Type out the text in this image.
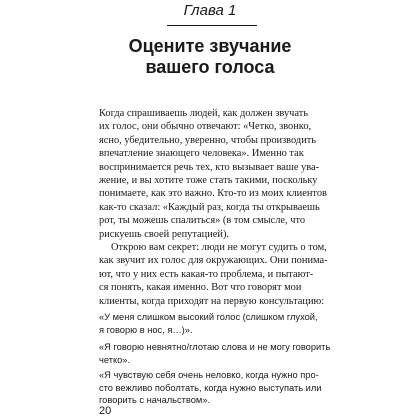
Глава 1
Оцените звучание
вашего голоса
Когда спрашиваешь людей, как должен звучать
их голос, они обычно отвечают: «Четко, звонко,
ясно, убедительно, уверенно, чтобы производить
впечатление знающего человека». Именно так
воспринимается речь тех, кто вызывает ваше ува-
жение, и вы хотите тоже стать такими, поскольку
понимаете, как это важно. Кто-то из моих клиентов
как-то сказал: «Каждый раз, когда ты открываешь
рот, ты можешь спалиться» (в том смысле, что
рискуешь своей репутацией).
Открою вам секрет: люди не могут судить о том,
как звучит их голос для окружающих. Они понима-
ют, что у них есть какая-то проблема, и пытают-
ся понять, какая именно. Вот что говорят мои
клиенты, когда приходят на первую консультацию:
«У меня слишком высокий голос (слишком глухой,
я говорю в нос, я…)».
«Я говорю невнятно/глотаю слова и не могу говорить
четко».
«Я чувствую себя очень неловко, когда нужно про-
сто вежливо поболтать, когда нужно выступать или
говорить с начальством».
20
